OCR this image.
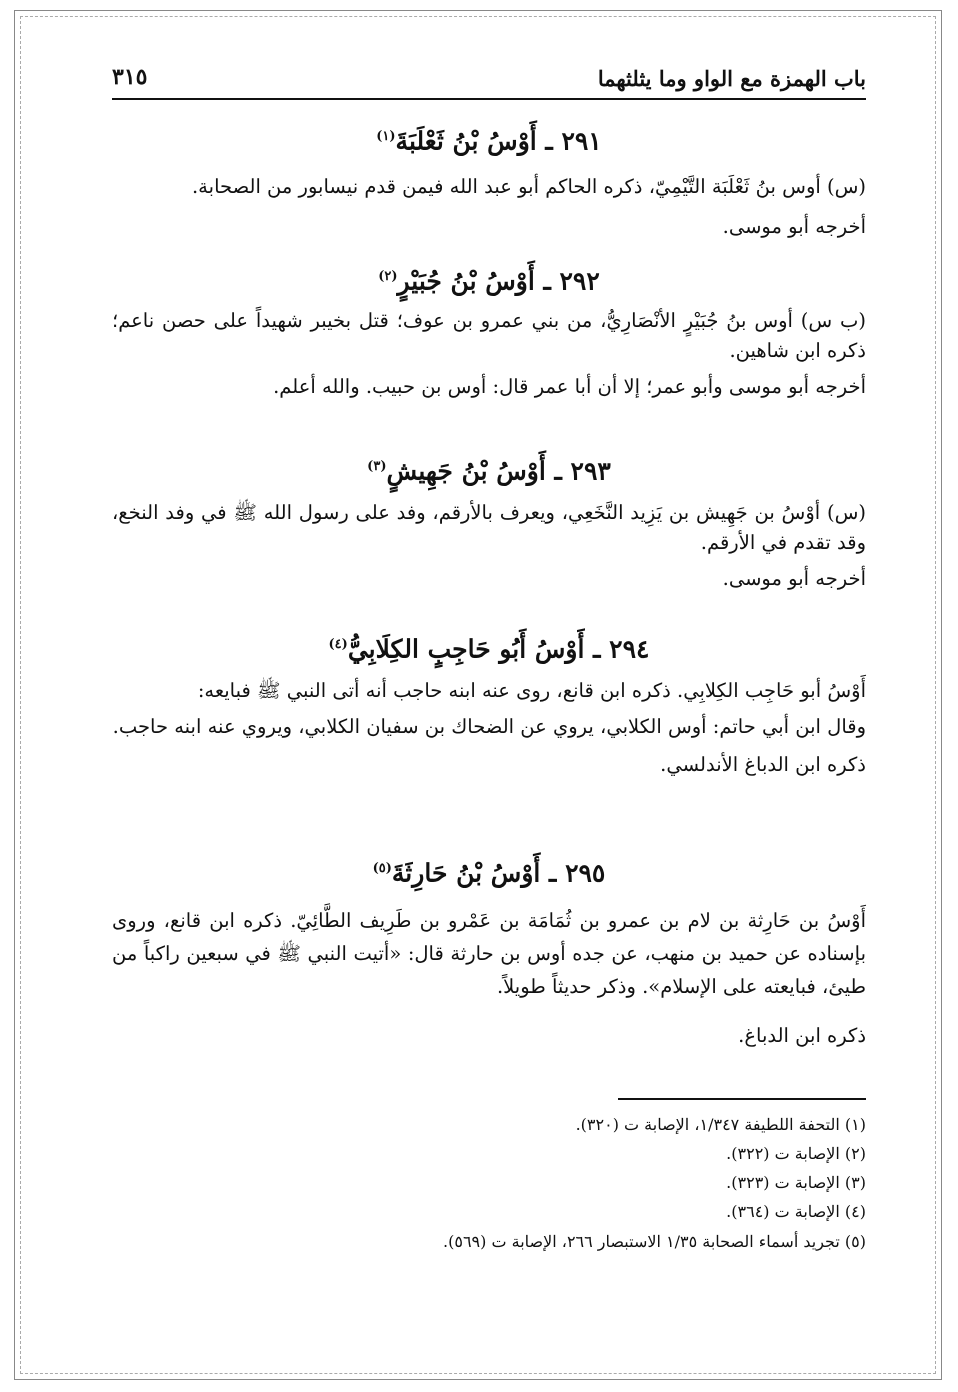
باب الهمزة مع الواو وما يثلثهما
٣١٥
٢٩١ ـ أَوْسُ بْنُ ثَعْلَبَةَ$^{(١)}$
(س) أوس بنُ ثَعْلَبَة التَّيْمِيّ، ذكره الحاكم أبو عبد الله فيمن قدم نيسابور من الصحابة.
أخرجه أبو موسى.
٢٩٢ ـ أَوْسُ بْنُ جُبَيْرٍ$^{(٢)}$
(ب س) أوس بنُ جُبَيْرٍ الأنْصَارِيُّ، من بني عمرو بن عوف؛ قتل بخيبر شهيداً على حصن ناعم؛ ذكره ابن شاهين.
أخرجه أبو موسى وأبو عمر؛ إلا أن أبا عمر قال: أوس بن حبيب. والله أعلم.
٢٩٣ ـ أَوْسُ بْنُ جَهِيشٍ$^{(٣)}$
(س) أوْسُ بن جَهِيش بن يَزِيد النَّخَعِي، ويعرف بالأرقم، وفد على رسول الله ﷺ في وفد النخع، وقد تقدم في الأرقم.
أخرجه أبو موسى.
٢٩٤ ـ أَوْسُ أَبُو حَاجِبٍ الكِلَابِيُّ$^{(٤)}$
أَوْسُ أبو حَاجِب الكِلابِي. ذكره ابن قانع، روى عنه ابنه حاجب أنه أتى النبي ﷺ فبايعه:
وقال ابن أبي حاتم: أوس الكلابي، يروي عن الضحاك بن سفيان الكلابي، ويروي عنه ابنه حاجب.
ذكره ابن الدباغ الأندلسي.
٢٩٥ ـ أَوْسُ بْنُ حَارِثَةَ$^{(٥)}$
أَوْسُ بن حَارِثة بن لام بن عمرو بن ثُمَامَة بن عَمْرو بن طَرِيف الطَّائِيّ. ذكره ابن قانع، وروى بإسناده عن حميد بن منهب، عن جده أوس بن حارثة قال: «أتيت النبي ﷺ في سبعين راكباً من طيئ، فبايعته على الإسلام». وذكر حديثاً طويلاً.
ذكره ابن الدباغ.
(١) التحفة اللطيفة ١/٣٤٧، الإصابة ت (٣٢٠).
(٢) الإصابة ت (٣٢٢).
(٣) الإصابة ت (٣٢٣).
(٤) الإصابة ت (٣٦٤).
(٥) تجريد أسماء الصحابة ١/٣٥ الاستبصار ٢٦٦، الإصابة ت (٥٦٩).
